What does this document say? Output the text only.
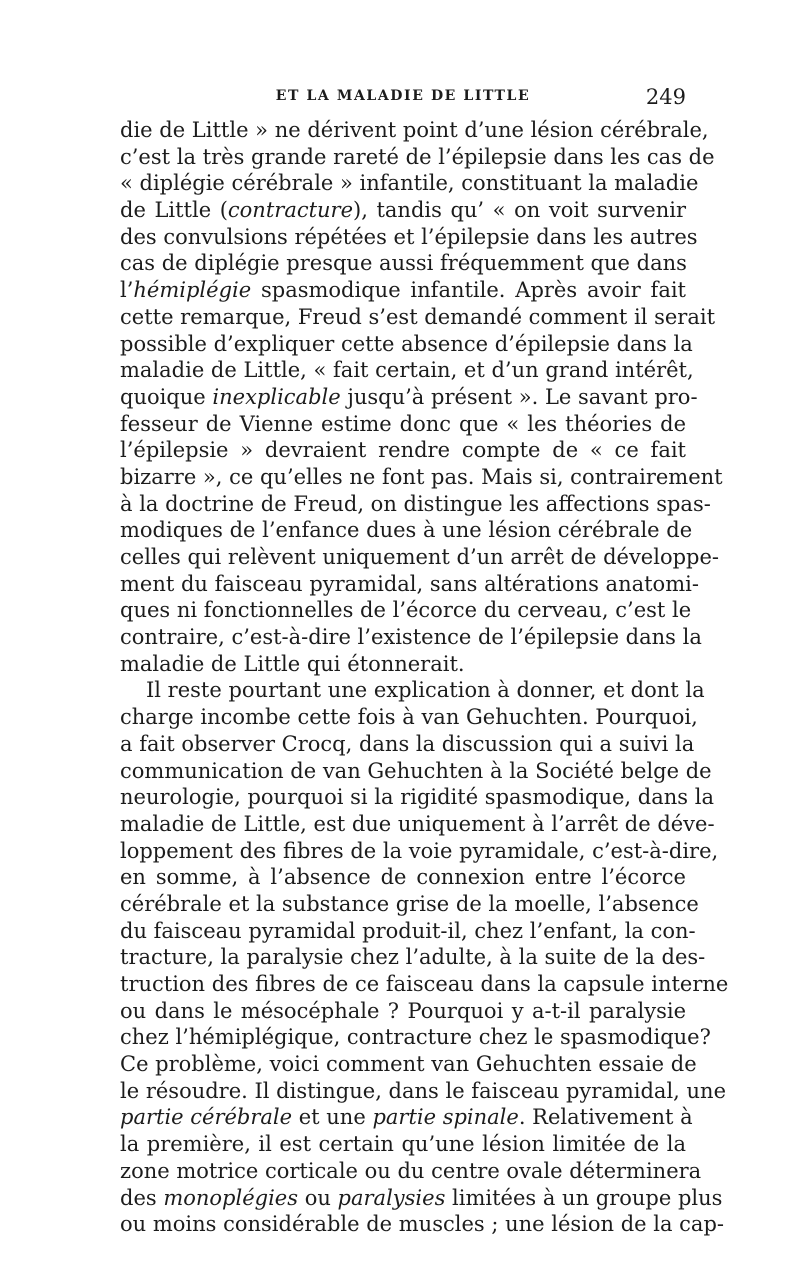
ET LA MALADIE DE LITTLE	249
die de Little » ne dérivent point d’une lésion cérébrale,
c’est la très grande rareté de l’épilepsie dans les cas de
« diplégie cérébrale » infantile, constituant la maladie
de Little (contracture), tandis qu’ « on voit survenir
des convulsions répétées et l’épilepsie dans les autres
cas de diplégie presque aussi fréquemment que dans
l’hémiplégie spasmodique infantile. Après avoir fait
cette remarque, Freud s’est demandé comment il serait
possible d’expliquer cette absence d’épilepsie dans la
maladie de Little, « fait certain, et d’un grand intérêt,
quoique inexplicable jusqu’à présent ». Le savant pro-
fesseur de Vienne estime donc que « les théories de
l’épilepsie » devraient rendre compte de « ce fait
bizarre », ce qu’elles ne font pas. Mais si, contrairement
à la doctrine de Freud, on distingue les affections spas-
modiques de l’enfance dues à une lésion cérébrale de
celles qui relèvent uniquement d’un arrêt de développe-
ment du faisceau pyramidal, sans altérations anatomi-
ques ni fonctionnelles de l’écorce du cerveau, c’est le
contraire, c’est-à-dire l’existence de l’épilepsie dans la
maladie de Little qui étonnerait.
Il reste pourtant une explication à donner, et dont la
charge incombe cette fois à van Gehuchten. Pourquoi,
a fait observer Crocq, dans la discussion qui a suivi la
communication de van Gehuchten à la Société belge de
neurologie, pourquoi si la rigidité spasmodique, dans la
maladie de Little, est due uniquement à l’arrêt de déve-
loppement des fibres de la voie pyramidale, c’est-à-dire,
en somme, à l’absence de connexion entre l’écorce
cérébrale et la substance grise de la moelle, l’absence
du faisceau pyramidal produit-il, chez l’enfant, la con-
tracture, la paralysie chez l’adulte, à la suite de la des-
truction des fibres de ce faisceau dans la capsule interne
ou dans le mésocéphale ? Pourquoi y a-t-il paralysie
chez l’hémiplégique, contracture chez le spasmodique?
Ce problème, voici comment van Gehuchten essaie de
le résoudre. Il distingue, dans le faisceau pyramidal, une
partie cérébrale et une partie spinale. Relativement à
la première, il est certain qu’une lésion limitée de la
zone motrice corticale ou du centre ovale déterminera
des monoplégies ou paralysies limitées à un groupe plus
ou moins considérable de muscles ; une lésion de la cap-
